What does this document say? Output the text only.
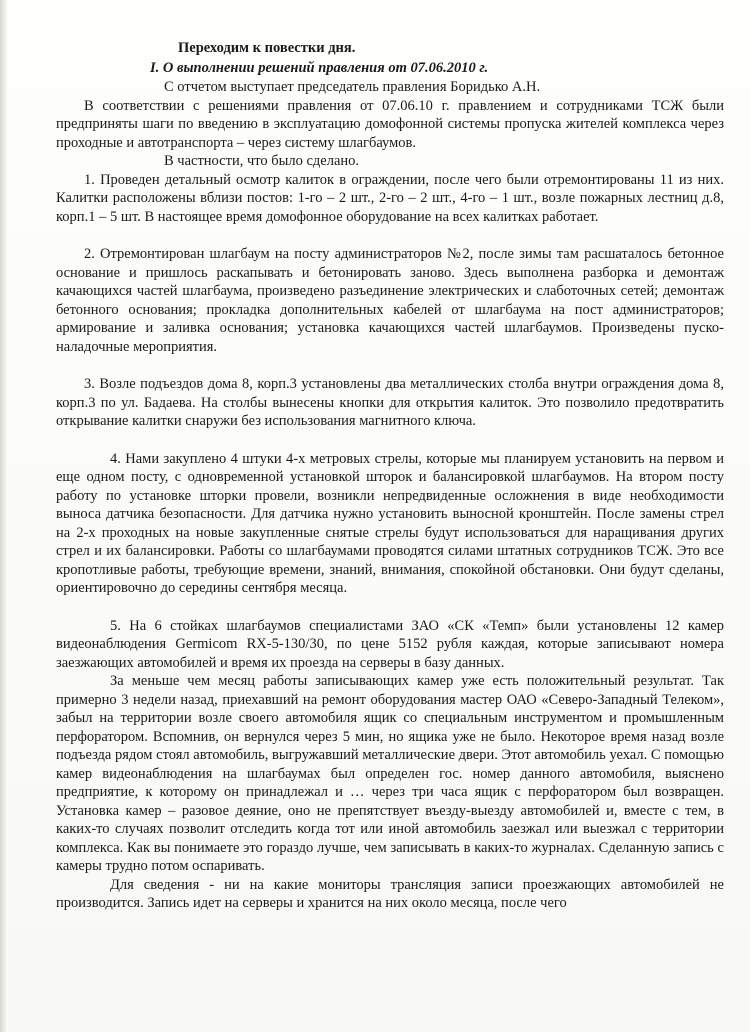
Переходим к повестки дня.
I. О выполнении решений правления от 07.06.2010 г.

С отчетом выступает председатель правления Боридько А.Н.

В соответствии с решениями правления от 07.06.10 г. правлением и сотрудниками ТСЖ были предприняты шаги по введению в эксплуатацию домофонной системы пропуска жителей комплекса через проходные и автотранспорта – через систему шлагбаумов.

В частности, что было сделано.

1. Проведен детальный осмотр калиток в ограждении, после чего были отремонтированы 11 из них. Калитки расположены вблизи постов: 1-го – 2 шт., 2-го – 2 шт., 4-го – 1 шт., возле пожарных лестниц д.8, корп.1 – 5 шт. В настоящее время домофонное оборудование на всех калитках работает.

2. Отремонтирован шлагбаум на посту администраторов №2, после зимы там расшаталось бетонное основание и пришлось раскапывать и бетонировать заново. Здесь выполнена разборка и демонтаж качающихся частей шлагбаума, произведено разъединение электрических и слаботочных сетей; демонтаж бетонного основания; прокладка дополнительных кабелей от шлагбаума на пост администраторов; армирование и заливка основания; установка качающихся частей шлагбаумов. Произведены пуско-наладочные мероприятия.

3. Возле подъездов дома 8, корп.3 установлены два металлических столба внутри ограждения дома 8, корп.3 по ул. Бадаева. На столбы вынесены кнопки для открытия калиток. Это позволило предотвратить открывание калитки снаружи без использования магнитного ключа.

4. Нами закуплено 4 штуки 4-х метровых стрелы, которые мы планируем установить на первом и еще одном посту, с одновременной установкой шторок и балансировкой шлагбаумов. На втором посту работу по установке шторки провели, возникли непредвиденные осложнения в виде необходимости выноса датчика безопасности. Для датчика нужно установить выносной кронштейн. После замены стрел на 2-х проходных на новые закупленные снятые стрелы будут использоваться для наращивания других стрел и их балансировки. Работы со шлагбаумами проводятся силами штатных сотрудников ТСЖ. Это все кропотливые работы, требующие времени, знаний, внимания, спокойной обстановки. Они будут сделаны, ориентировочно до середины сентября месяца.

5. На 6 стойках шлагбаумов специалистами ЗАО «СК «Темп» были установлены 12 камер видеонаблюдения Germicom RX-5-130/30, по цене 5152 рубля каждая, которые записывают номера заезжающих автомобилей и время их проезда на серверы в базу данных.

За меньше чем месяц работы записывающих камер уже есть положительный результат. Так примерно 3 недели назад, приехавший на ремонт оборудования мастер ОАО «Северо-Западный Телеком», забыл на территории возле своего автомобиля ящик со специальным инструментом и промышленным перфоратором. Вспомнив, он вернулся через 5 мин, но ящика уже не было. Некоторое время назад возле подъезда рядом стоял автомобиль, выгружавший металлические двери. Этот автомобиль уехал. С помощью камер видеонаблюдения на шлагбаумах был определен гос. номер данного автомобиля, выяснено предприятие, к которому он принадлежал и … через три часа ящик с перфоратором был возвращен. Установка камер – разовое деяние, оно не препятствует въезду-выезду автомобилей и, вместе с тем, в каких-то случаях позволит отследить когда тот или иной автомобиль заезжал или выезжал с территории комплекса. Как вы понимаете это гораздо лучше, чем записывать в каких-то журналах. Сделанную запись с камеры трудно потом оспаривать.

Для сведения - ни на какие мониторы трансляция записи проезжающих автомобилей не производится. Запись идет на серверы и хранится на них около месяца, после чего
